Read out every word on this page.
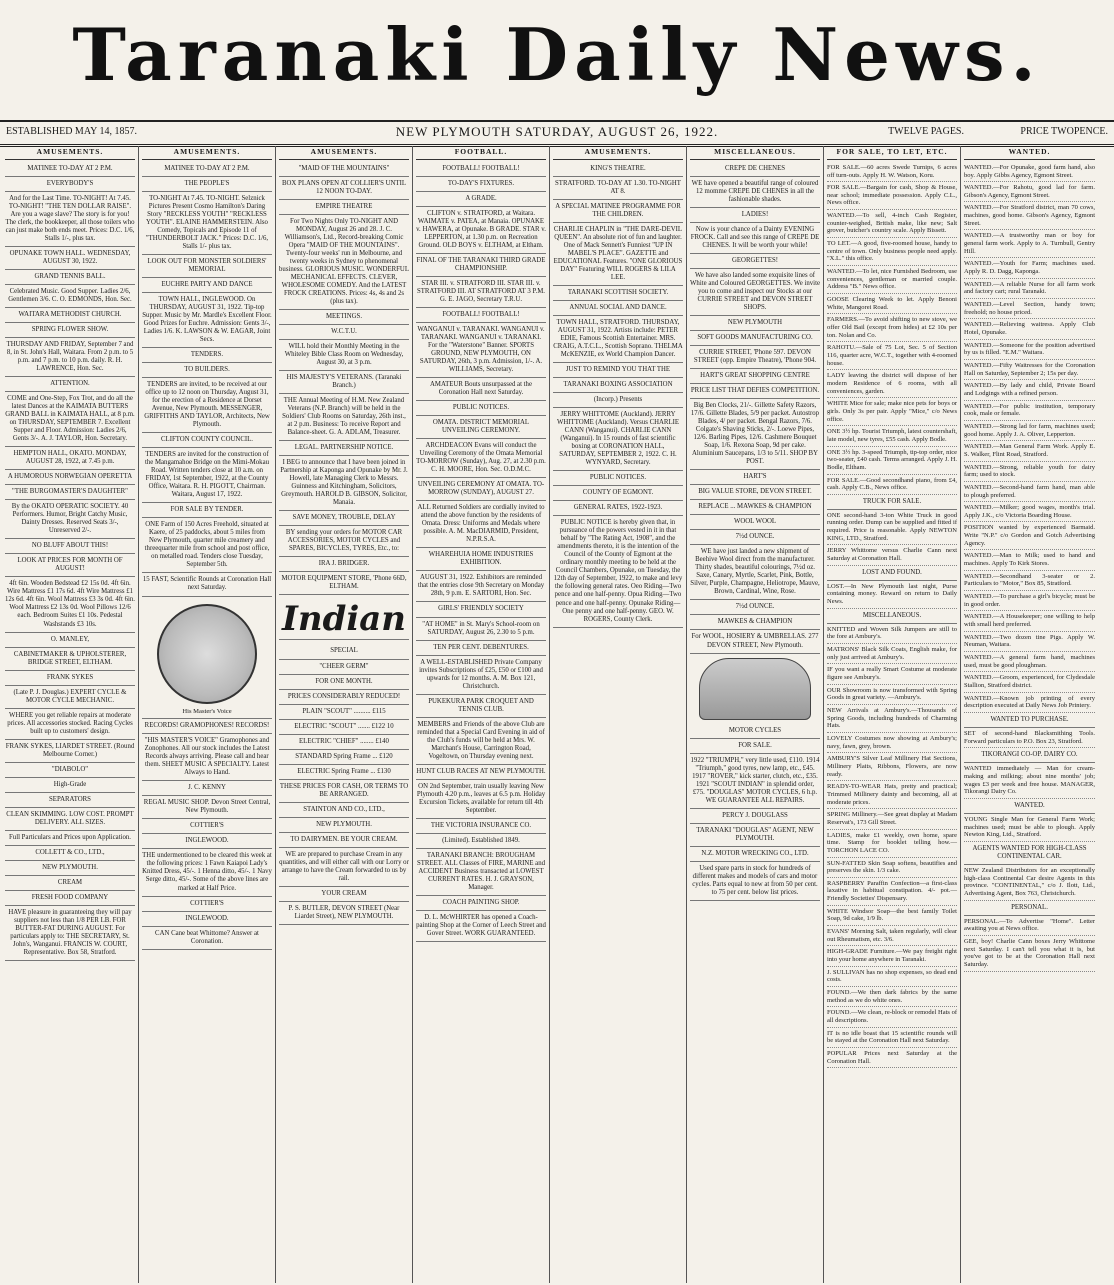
Taranaki Daily News.
ESTABLISHED MAY 14, 1857.	NEW PLYMOUTH SATURDAY, AUGUST 26, 1922.	TWELVE PAGES.	PRICE TWOPENCE.
AMUSEMENTS.
MATINEE TO-DAY AT 2 P.M.
EVERYBODY'S
And for the Last Time. TO-NIGHT! At 7.45. TO-NIGHT! "THE TEN DOLLAR RAISE". Are you a wage slave? The story is for you! The clerk, the bookkeeper, all those toilers who can just make both ends meet. Prices: D.C. 1/6, Stalls 1/-, plus tax.
OPUNAKE TOWN HALL. WEDNESDAY, AUGUST 30, 1922.
GRAND TENNIS BALL.
Celebrated Music. Good Supper. Ladies 2/6, Gentlemen 3/6. C. O. EDMONDS, Hon. Sec.
WAITARA METHODIST CHURCH.
SPRING FLOWER SHOW.
THURSDAY AND FRIDAY, September 7 and 8, in St. John's Hall, Waitara. From 2 p.m. to 5 p.m. and 7 p.m. to 10 p.m. daily. R. H. LAWRENCE, Hon. Sec.
ATTENTION.
COME and One-Step, Fox Trot, and do all the latest Dances at the KAIMATA BUTTERS GRAND BALL in KAIMATA HALL, at 8 p.m. on THURSDAY, SEPTEMBER 7. Excellent Supper and Floor. Admission: Ladies 2/6, Gents 3/-. A. J. TAYLOR, Hon. Secretary.
HEMPTON HALL, OKATO. MONDAY, AUGUST 28, 1922, at 7.45 p.m.
A HUMOROUS NORWEGIAN OPERETTA
"THE BURGOMASTER'S DAUGHTER"
By the OKATO OPERATIC SOCIETY. 40 Performers. Humor, Bright Catchy Music, Dainty Dresses. Reserved Seats 3/-, Unreserved 2/-.
NO BLUFF ABOUT THIS!
LOOK AT PRICES FOR MONTH OF AUGUST!
4ft 6in. Wooden Bedstead £2 15s 0d. 4ft 6in. Wire Mattress £1 17s 6d. 4ft Wire Mattress £1 12s 6d. 4ft 6in. Wool Mattress £3 3s 0d. 4ft 6in. Wool Mattress £2 13s 0d. Wool Pillows 12/6 each. Bedroom Suites £1 10s. Pedestal Washstands £3 10s.
O. MANLEY,
CABINETMAKER & UPHOLSTERER, BRIDGE STREET, ELTHAM.
FRANK SYKES
(Late P. J. Douglas.) EXPERT CYCLE & MOTOR CYCLE MECHANIC.
WHERE you get reliable repairs at moderate prices. All accessories stocked. Racing Cycles built up to customers' design.
FRANK SYKES, LIARDET STREET. (Round Melbourne Corner.)
"DIABOLO"
High-Grade
SEPARATORS
CLEAN SKIMMING. LOW COST. PROMPT DELIVERY. ALL SIZES.
Full Particulars and Prices upon Application.
COLLETT & CO., LTD.,
NEW PLYMOUTH.
CREAM
FRESH FOOD COMPANY
HAVE pleasure in guaranteeing they will pay suppliers not less than 1/8 PER LB. FOR BUTTER-FAT DURING AUGUST. For particulars apply to: THE SECRETARY, St. John's, Wanganui. FRANCIS W. COURT, Representative. Box 58, Stratford.
AMUSEMENTS.
MATINEE TO-DAY AT 2 P.M.
THE PEOPLE'S
TO-NIGHT At 7.45. TO-NIGHT. Selznick Pictures Present Cosmo Hamilton's Daring Story "RECKLESS YOUTH" "RECKLESS YOUTH". ELAINE HAMMERSTEIN. Also Comedy, Topicals and Episode 11 of "THUNDERBOLT JACK." Prices: D.C. 1/6, Stalls 1/- plus tax.
LOOK OUT FOR MONSTER SOLDIERS' MEMORIAL
EUCHRE PARTY AND DANCE
TOWN HALL, INGLEWOOD. On THURSDAY, AUGUST 31, 1922. Tip-top Supper. Music by Mr. Mardle's Excellent Floor. Good Prizes for Euchre. Admission: Gents 3/-, Ladies 1/6. K. LAWSON & W. EAGAR, Joint Secs.
TENDERS.
TO BUILDERS.
TENDERS are invited, to be received at our office up to 12 noon on Thursday, August 31, for the erection of a Residence at Dorset Avenue, New Plymouth. MESSENGER, GRIFFITHS AND TAYLOR, Architects, New Plymouth.
CLIFTON COUNTY COUNCIL.
TENDERS are invited for the construction of the Mangamahoe Bridge on the Mimi-Mokau Road. Written tenders close at 10 a.m. on FRIDAY, 1st September, 1922, at the County Office, Waitara. R. H. PIGOTT, Chairman. Waitara, August 17, 1922.
FOR SALE BY TENDER.
ONE Farm of 150 Acres Freehold, situated at Kaere, of 25 paddocks, about 5 miles from New Plymouth, quarter mile creamery and threequarter mile from school and post office, on metalled road. Tenders close Tuesday, September 5th.
15 FAST, Scientific Rounds at Coronation Hall next Saturday.
His Master's Voice
RECORDS! GRAMOPHONES! RECORDS!
"HIS MASTER'S VOICE" Gramophones and Zonophones. All our stock includes the Latest Records always arriving. Please call and hear them. SHEET MUSIC A SPECIALTY. Latest Always to Hand.
J. C. KENNY
REGAL MUSIC SHOP. Devon Street Central, New Plymouth.
COTTIER'S
INGLEWOOD.
THE undermentioned to be cleared this week at the following prices: 1 Fawn Kaiapoi Lady's Knitted Dress, 45/-. 1 Henna ditto, 45/-. 1 Navy Serge ditto, 45/-. Some of the above lines are marked at Half Price.
COTTIER'S
INGLEWOOD.
CAN Cane beat Whittome? Answer at Coronation.
AMUSEMENTS.
"MAID OF THE MOUNTAINS"
BOX PLANS OPEN AT COLLIER'S UNTIL 12 NOON TO-DAY.
EMPIRE THEATRE
For Two Nights Only TO-NIGHT AND MONDAY, August 26 and 28. J. C. Williamson's, Ltd., Record-breaking Comic Opera "MAID OF THE MOUNTAINS". Twenty-four weeks' run in Melbourne, and twenty weeks in Sydney to phenomenal business. GLORIOUS MUSIC. WONDERFUL MECHANICAL EFFECTS. CLEVER, WHOLESOME COMEDY. And the LATEST FROCK CREATIONS. Prices: 4s, 4s and 2s (plus tax).
MEETINGS.
W.C.T.U.
WILL hold their Monthly Meeting in the Whiteley Bible Class Room on Wednesday, August 30, at 3 p.m.
HIS MAJESTY'S VETERANS. (Taranaki Branch.)
THE Annual Meeting of H.M. New Zealand Veterans (N.P. Branch) will be held in the Soldiers' Club Rooms on Saturday, 26th inst., at 2 p.m. Business: To receive Report and Balance-sheet. G. A. ADLAM, Treasurer.
LEGAL. PARTNERSHIP NOTICE.
I BEG to announce that I have been joined in Partnership at Kaponga and Opunake by Mr. J. Howell, late Managing Clerk to Messrs. Guinness and Kitchingham, Solicitors, Greymouth. HAROLD B. GIBSON, Solicitor, Manaia.
SAVE MONEY, TROUBLE, DELAY
BY sending your orders for MOTOR CAR ACCESSORIES, MOTOR CYCLES and SPARES, BICYCLES, TYRES, Etc., to:
IRA J. BRIDGER.
MOTOR EQUIPMENT STORE, 'Phone 66D, ELTHAM.
Indian
SPECIAL
"CHEER GERM"
FOR ONE MONTH.
PRICES CONSIDERABLY REDUCED!
PLAIN "SCOUT" .......... £115
ELECTRIC "SCOUT" ....... £122 10
ELECTRIC "CHIEF" ........ £140
STANDARD Spring Frame ... £120
ELECTRIC Spring Frame ... £130
THESE PRICES FOR CASH, OR TERMS TO BE ARRANGED.
STAINTON AND CO., LTD.,
NEW PLYMOUTH.
TO DAIRYMEN. BE YOUR CREAM.
WE are prepared to purchase Cream in any quantities, and will either call with our Lorry or arrange to have the Cream forwarded to us by rail.
YOUR CREAM
P. S. BUTLER, DEVON STREET (Near Liardet Street), NEW PLYMOUTH.
FOOTBALL.
FOOTBALL! FOOTBALL!
TO-DAY'S FIXTURES.
A GRADE.
CLIFTON v. STRATFORD, at Waitara. WAIMATE v. PATEA, at Manaia. OPUNAKE v. HAWERA, at Opunake. B GRADE. STAR v. LEPPERTON, at 1.30 p.m. on Recreation Ground. OLD BOYS v. ELTHAM, at Eltham.
FINAL OF THE TARANAKI THIRD GRADE CHAMPIONSHIP.
STAR III. v. STRATFORD III. STAR III. v. STRATFORD III. AT STRATFORD AT 3 P.M. G. E. JAGO, Secretary T.R.U.
FOOTBALL! FOOTBALL!
WANGANUI v. TARANAKI. WANGANUI v. TARANAKI. WANGANUI v. TARANAKI. For the "Waterstone" Banner. SPORTS GROUND, NEW PLYMOUTH, ON SATURDAY, 26th, 3 p.m. Admission, 1/-. A. WILLIAMS, Secretary.
AMATEUR Bouts unsurpassed at the Coronation Hall next Saturday.
PUBLIC NOTICES.
OMATA. DISTRICT MEMORIAL UNVEILING CEREMONY.
ARCHDEACON Evans will conduct the Unveiling Ceremony of the Omata Memorial TO-MORROW (Sunday), Aug. 27, at 2.30 p.m. C. H. MOORE, Hon. Sec. O.D.M.C.
UNVEILING CEREMONY AT OMATA. TO-MORROW (SUNDAY), AUGUST 27.
ALL Returned Soldiers are cordially invited to attend the above function by the residents of Omata. Dress: Uniforms and Medals where possible. A. M. MacDIARMID, President, N.P.R.S.A.
WHAREHUIA HOME INDUSTRIES EXHIBITION.
AUGUST 31, 1922. Exhibitors are reminded that the entries close 9th Secretary on Monday 28th, 9 p.m. E. SARTORI, Hon. Sec.
GIRLS' FRIENDLY SOCIETY
"AT HOME" in St. Mary's School-room on SATURDAY, August 26, 2.30 to 5 p.m.
TEN PER CENT. DEBENTURES.
A WELL-ESTABLISHED Private Company invites Subscriptions of £25, £50 or £100 and upwards for 12 months. A. M. Box 121, Christchurch.
PUKEKURA PARK CROQUET AND TENNIS CLUB.
MEMBERS and Friends of the above Club are reminded that a Special Card Evening in aid of the Club's funds will be held at Mrs. W. Marchant's House, Carrington Road, Vogeltown, on Thursday evening next.
HUNT CLUB RACES AT NEW PLYMOUTH.
ON 2nd September, train usually leaving New Plymouth 4.20 p.m., leaves at 6.5 p.m. Holiday Excursion Tickets, available for return till 4th September.
THE VICTORIA INSURANCE CO.
(Limited). Established 1849.
TARANAKI BRANCH: BROUGHAM STREET. ALL Classes of FIRE, MARINE and ACCIDENT Business transacted at LOWEST CURRENT RATES. H. J. GRAYSON, Manager.
COACH PAINTING SHOP.
D. L. McWHIRTER has opened a Coach-painting Shop at the Corner of Leech Street and Gover Street. WORK GUARANTEED.
AMUSEMENTS.
KING'S THEATRE.
STRATFORD. TO-DAY AT 1.30. TO-NIGHT AT 8.
A SPECIAL MATINEE PROGRAMME FOR THE CHILDREN.
CHARLIE CHAPLIN in "THE DARE-DEVIL QUEEN". An absolute riot of fun and laughter. One of Mack Sennett's Funniest "UP IN MABEL'S PLACE". GAZETTE and EDUCATIONAL Features. "ONE GLORIOUS DAY" Featuring WILL ROGERS & LILA LEE.
TARANAKI SCOTTISH SOCIETY.
ANNUAL SOCIAL AND DANCE.
TOWN HALL, STRATFORD. THURSDAY, AUGUST 31, 1922. Artists include: PETER EDIE, Famous Scottish Entertainer. MRS. CRAIG, A.T.C.L., Scottish Soprano. THELMA McKENZIE, ex World Champion Dancer.
JUST TO REMIND YOU THAT THE
TARANAKI BOXING ASSOCIATION
(Incorp.) Presents
JERRY WHITTOME (Auckland). JERRY WHITTOME (Auckland). Versus CHARLIE CANN (Wanganui). CHARLIE CANN (Wanganui). In 15 rounds of fast scientific boxing at CORONATION HALL, SATURDAY, SEPTEMBER 2, 1922. C. H. WYNYARD, Secretary.
PUBLIC NOTICES.
COUNTY OF EGMONT.
GENERAL RATES, 1922-1923.
PUBLIC NOTICE is hereby given that, in pursuance of the powers vested in it in that behalf by "The Rating Act, 1908", and the amendments thereto, it is the intention of the Council of the County of Egmont at the ordinary monthly meeting to be held at the Council Chambers, Opunake, on Tuesday, the 12th day of September, 1922, to make and levy the following general rates. Oeo Riding—Two pence and one half-penny. Opua Riding—Two pence and one half-penny. Opunake Riding—One penny and one half-penny. GEO. W. ROGERS, County Clerk.
MISCELLANEOUS.
CREPE DE CHENES
WE have opened a beautiful range of coloured 12 momme CREPE DE CHENES in all the fashionable shades.
LADIES!
Now is your chance of a Dainty EVENING FROCK. Call and see this range of CREPE DE CHENES. It will be worth your while!
GEORGETTES!
We have also landed some exquisite lines of White and Coloured GEORGETTES. We invite you to come and inspect our Stocks at our CURRIE STREET and DEVON STREET SHOPS.
NEW PLYMOUTH
SOFT GOODS MANUFACTURING CO.
CURRIE STREET, 'Phone 597. DEVON STREET (opp. Empire Theatre), 'Phone 904.
HART'S GREAT SHOPPING CENTRE
PRICE LIST THAT DEFIES COMPETITION.
Big Ben Clocks, 21/-. Gillette Safety Razors, 17/6. Gillette Blades, 5/9 per packet. Autostrop Blades, 4/ per packet. Bengal Razors, 7/6. Colgate's Shaving Sticks, 2/-. Loewe Pipes, 12/6. Barling Pipes, 12/6. Cashmere Bouquet Soap, 1/6. Rexona Soap, 9d per cake. Aluminium Saucepans, 1/3 to 5/11. SHOP BY POST.
HART'S
BIG VALUE STORE, DEVON STREET.
REPLACE ... MAWKES & CHAMPION
WOOL WOOL
7½d OUNCE.
WE have just landed a new shipment of Beehive Wool direct from the manufacturer. Thirty shades, beautiful colourings, 7½d oz. Saxe, Canary, Myrtle, Scarlet, Pink, Bottle, Silver, Purple, Champagne, Heliotrope, Mauve, Brown, Cardinal, Wine, Rose.
7½d OUNCE.
MAWKES & CHAMPION
For WOOL, HOSIERY & UMBRELLAS. 277 DEVON STREET, New Plymouth.
MOTOR CYCLES
FOR SALE.
1922 "TRIUMPH," very little used, £110. 1914 "Triumph," good tyres, new lamp, etc., £45. 1917 "ROVER," kick starter, clutch, etc., £35. 1921 "SCOUT INDIAN" in splendid order, £75. "DOUGLAS" MOTOR CYCLES, 6 h.p. WE GUARANTEE ALL REPAIRS.
PERCY J. DOUGLASS
TARANAKI "DOUGLAS" AGENT, NEW PLYMOUTH.
N.Z. MOTOR WRECKING CO., LTD.
Used spare parts in stock for hundreds of different makes and models of cars and motor cycles. Parts equal to new at from 50 per cent. to 75 per cent. below list prices.
FOR SALE, TO LET, ETC.
FOR SALE.—60 acres Swede Turnips, 6 acres off turn-outs. Apply H. W. Watson, Koru.
FOR SALE.—Bargain for cash, Shop & House, near school; immediate possession. Apply C.L., News office.
WANTED.—To sell, 4-inch Cash Register, counter-weighed, British make, like new; Salt grover, butcher's country scale. Apply Bissett.
TO LET.—A good, five-roomed house, handy to centre of town. Only business people need apply. "X.L." this office.
WANTED.—To let, nice Furnished Bedroom, use conveniences, gentleman or married couple. Address "B." News office.
GOOSE Clearing Week to let. Apply Benoni White, Mangorei Road.
FARMERS.—To avoid shifting to new stove, we offer Old Bail (except from hides) at £2 10s per ton. Nolan and Co.
RAHOTU.—Sale of 75 Lot, Sec. 5 of Section 116, quarter acre, W.C.T., together with 4-roomed house.
LADY leaving the district will dispose of her modern Residence of 6 rooms, with all conveniences, garden.
WHITE Mice for sale; make nice pets for boys or girls. Only 3s per pair. Apply "Mice," c/o News office.
ONE 3½ hp. Tourist Triumph, latest countershaft, late model, new tyres, £55 cash. Apply Bodle.
ONE 3½ hp. 3-speed Triumph, tip-top order, nice two-seater, £40 cash. Terms arranged. Apply J. H. Bodle, Eltham.
FOR SALE.—Good secondhand piano, from £4, cash. Apply C.B., News office.
TRUCK FOR SALE.
ONE second-hand 3-ton White Truck in good running order. Dump can be supplied and fitted if required. Price is reasonable. Apply NEWTON KING, LTD., Stratford.
JERRY Whittome versus Charlie Cann next Saturday at Coronation Hall.
LOST AND FOUND.
LOST.—In New Plymouth last night, Purse containing money. Reward on return to Daily News.
MISCELLANEOUS.
KNITTED and Woven Silk Jumpers are still to the fore at Ambury's.
MATRONS' Black Silk Coats, English make, for only just arrived at Ambury's.
IF you want a really Smart Costume at moderate figure see Ambury's.
OUR Showroom is now transformed with Spring Goods in great variety. —Ambury's.
NEW Arrivals at Ambury's.—Thousands of Spring Goods, including hundreds of Charming Hats.
LOVELY Costumes now showing at Ambury's; navy, fawn, grey, brown.
AMBURY'S Silver Leaf Millinery Hat Sections, Millinery Plaits, Ribbons, Flowers, are now ready.
READY-TO-WEAR Hats, pretty and practical; Trimmed Millinery dainty and becoming, all at moderate prices.
SPRING Millinery.—See great display at Madam Reservat's, 173 Gill Street.
LADIES, make £1 weekly, own home, spare time. Stamp for booklet telling how.—TORCHON LACE CO.
SUN-FATTED Skin Soap softens, beautifies and preserves the skin. 1/3 cake.
RASPBERRY Paraffin Confection—a first-class laxative in habitual constipation. 4/- pot.—Friendly Societies' Dispensary.
WHITE Windsor Soap—the best family Toilet Soap, 9d cake, 1/9 lb.
EVANS' Morning Salt, taken regularly, will clear out Rheumatism, etc. 3/6.
HIGH-GRADE Furniture.—We pay freight right into your home anywhere in Taranaki.
J. SULLIVAN has no shop expenses, so dead end costs.
FOUND.—We then dark fabrics by the same method as we do white ones.
FOUND.—We clean, re-block or remodel Hats of all descriptions.
IT is no idle boast that 15 scientific rounds will be stayed at the Coronation Hall next Saturday.
POPULAR Prices next Saturday at the Coronation Hall.
WANTED.
WANTED.—For Opunake, good farm hand, also boy. Apply Gibbs Agency, Egmont Street.
WANTED.—For Rahotu, good lad for farm. Gibson's Agency, Egmont Street.
WANTED.—For Stratford district, man 70 cows, machines, good home. Gibson's Agency, Egmont Street.
WANTED.—A trustworthy man or boy for general farm work. Apply to A. Turnbull, Gentry Hill.
WANTED.—Youth for Farm; machines used. Apply R. D. Dagg, Kaponga.
WANTED.—A reliable Nurse for all farm work and factory cart; rural Taranaki.
WANTED.—Level Section, handy town; freehold; no house priced.
WANTED.—Relieving waitress. Apply Club Hotel, Opunake.
WANTED.—Someone for the position advertised by us is filled. "E.M." Waitara.
WANTED.—Fifty Waitresses for the Coronation Hall on Saturday, September 2; 15s per day.
WANTED.—By lady and child, Private Board and Lodgings with a refined person.
WANTED.—For public institution, temporary cook, male or female.
WANTED.—Strong lad for farm, machines used; good home. Apply J. A. Oliver, Lepperton.
WANTED.—Man General Farm Work. Apply E. S. Walker, Flint Road, Stratford.
WANTED.—Strong, reliable youth for dairy farm; used to stock.
WANTED.—Second-hand farm hand, man able to plough preferred.
WANTED.—Milker; good wages, month's trial. Apply J.K., c/o Victoria Boarding House.
POSITION wanted by experienced Barmaid. Write "N.P." c/o Gordon and Gotch Advertising Agency.
WANTED.—Man to Milk; used to hand and machines. Apply To Kirk Stores.
WANTED.—Secondhand 3-seater or 2. Particulars to "Motor," Box 85, Stratford.
WANTED.—To purchase a girl's bicycle; must be in good order.
WANTED.—A Housekeeper; one willing to help with small herd preferred.
WANTED.—Two dozen tine Pigs. Apply W. Neuman, Waitara.
WANTED.—A general farm hand, machines used, must be good ploughman.
WANTED.—Groom, experienced, for Clydesdale Stallion, Stratford district.
WANTED.—Known job printing of every description executed at Daily News Job Printery.
WANTED TO PURCHASE.
SET of second-hand Blacksmithing Tools. Forward particulars to P.O. Box 23, Stratford.
TIKORANGI CO-OP. DAIRY CO.
WANTED immediately — Man for cream-making and milking; about nine months' job; wages £3 per week and free house. MANAGER, Tikorangi Dairy Co.
WANTED.
YOUNG Single Man for General Farm Work; machines used; must be able to plough. Apply Newton King, Ltd., Stratford.
AGENTS WANTED FOR HIGH-CLASS CONTINENTAL CAR.
NEW Zealand Distributors for an exceptionally high-class Continental Car desire Agents in this province. "CONTINENTAL," c/o J. Ilott, Ltd., Advertising Agent, Box 763, Christchurch.
PERSONAL.
PERSONAL.—To Advertise "Home". Letter awaiting you at News office.
GEE, boy! Charlie Cann boxes Jerry Whittome next Saturday. I can't tell you what it is, but you've got to be at the Coronation Hall next Saturday.
